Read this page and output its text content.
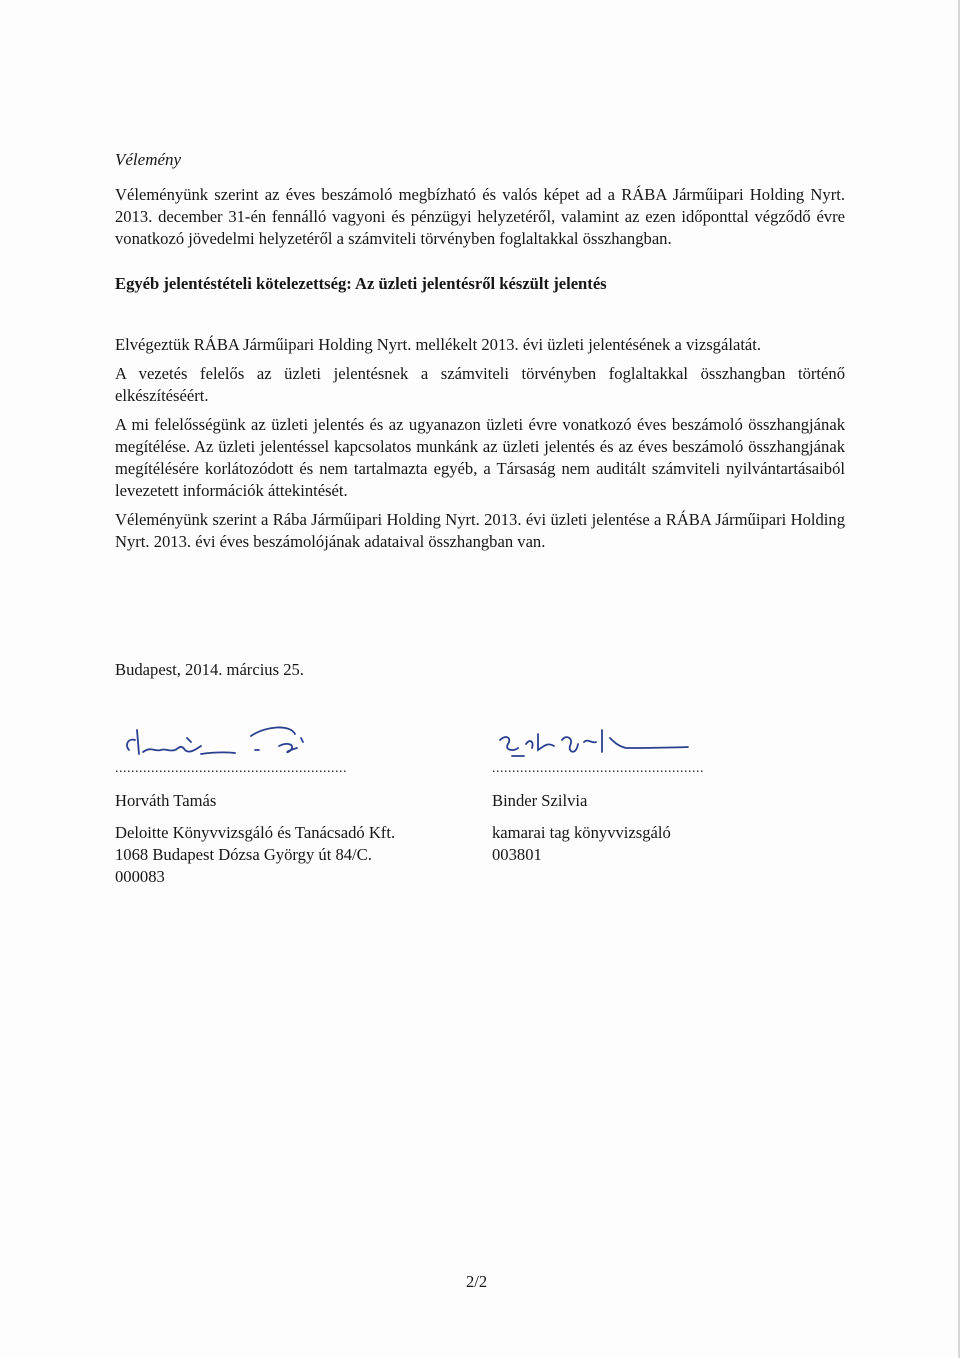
Vélemény

Véleményünk szerint az éves beszámoló megbízható és valós képet ad a RÁBA Járműipari Holding Nyrt. 2013. december 31-én fennálló vagyoni és pénzügyi helyzetéről, valamint az ezen időponttal végződő évre vonatkozó jövedelmi helyzetéről a számviteli törvényben foglaltakkal összhangban.

Egyéb jelentéstételi kötelezettség: Az üzleti jelentésről készült jelentés

Elvégeztük RÁBA Járműipari Holding Nyrt. mellékelt 2013. évi üzleti jelentésének a vizsgálatát.

A vezetés felelős az üzleti jelentésnek a számviteli törvényben foglaltakkal összhangban történő elkészítéséért.

A mi felelősségünk az üzleti jelentés és az ugyanazon üzleti évre vonatkozó éves beszámoló összhangjának megítélése. Az üzleti jelentéssel kapcsolatos munkánk az üzleti jelentés és az éves beszámoló összhangjának megítélésére korlátozódott és nem tartalmazta egyéb, a Társaság nem auditált számviteli nyilvántartásaiból levezetett információk áttekintését.

Véleményünk szerint a Rába Járműipari Holding Nyrt. 2013. évi üzleti jelentése a RÁBA Járműipari Holding Nyrt. 2013. évi éves beszámolójának adataival összhangban van.

Budapest, 2014. március 25.
..........................................................
Horváth Tamás
Deloitte Könyvvizsgáló és Tanácsadó Kft.
1068 Budapest Dózsa György út 84/C.
000083
.....................................................
Binder Szilvia
kamarai tag könyvvizsgáló
003801
2/2
